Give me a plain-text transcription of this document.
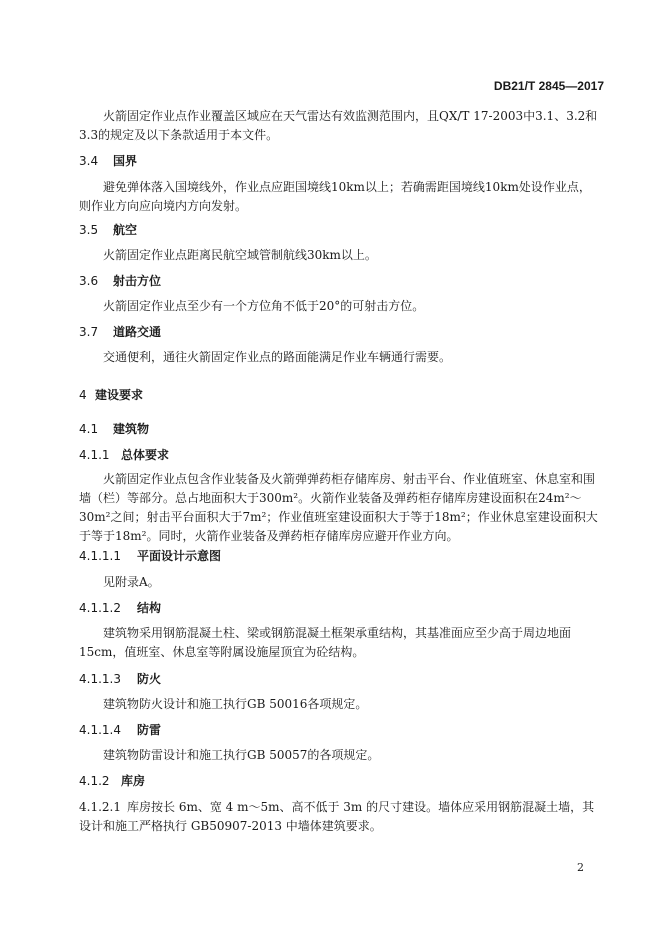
DB21/T 2845—2017
火箭固定作业点作业覆盖区域应在天气雷达有效监测范围内，且QX/T 17-2003中3.1、3.2和3.3的规定及以下条款适用于本文件。
3.4 国界
避免弹体落入国境线外，作业点应距国境线10km以上；若确需距国境线10km处设作业点，则作业方向应向境内方向发射。
3.5 航空
火箭固定作业点距离民航空域管制航线30km以上。
3.6 射击方位
火箭固定作业点至少有一个方位角不低于20°的可射击方位。
3.7 道路交通
交通便利，通往火箭固定作业点的路面能满足作业车辆通行需要。
4 建设要求
4.1 建筑物
4.1.1 总体要求
火箭固定作业点包含作业装备及火箭弹弹药柜存储库房、射击平台、作业值班室、休息室和围墙（栏）等部分。总占地面积大于300m²。火箭作业装备及弹药柜存储库房建设面积在24m²～30m²之间；射击平台面积大于7m²；作业值班室建设面积大于等于18m²；作业休息室建设面积大于等于18m²。同时，火箭作业装备及弹药柜存储库房应避开作业方向。
4.1.1.1 平面设计示意图
见附录A。
4.1.1.2 结构
建筑物采用钢筋混凝土柱、梁或钢筋混凝土框架承重结构，其基准面应至少高于周边地面15cm，值班室、休息室等附属设施屋顶宜为砼结构。
4.1.1.3 防火
建筑物防火设计和施工执行GB 50016各项规定。
4.1.1.4 防雷
建筑物防雷设计和施工执行GB 50057的各项规定。
4.1.2 库房
4.1.2.1 库房按长 6m、宽 4 m～5m、高不低于 3m 的尺寸建设。墙体应采用钢筋混凝土墙，其设计和施工严格执行 GB50907-2013 中墙体建筑要求。
2
